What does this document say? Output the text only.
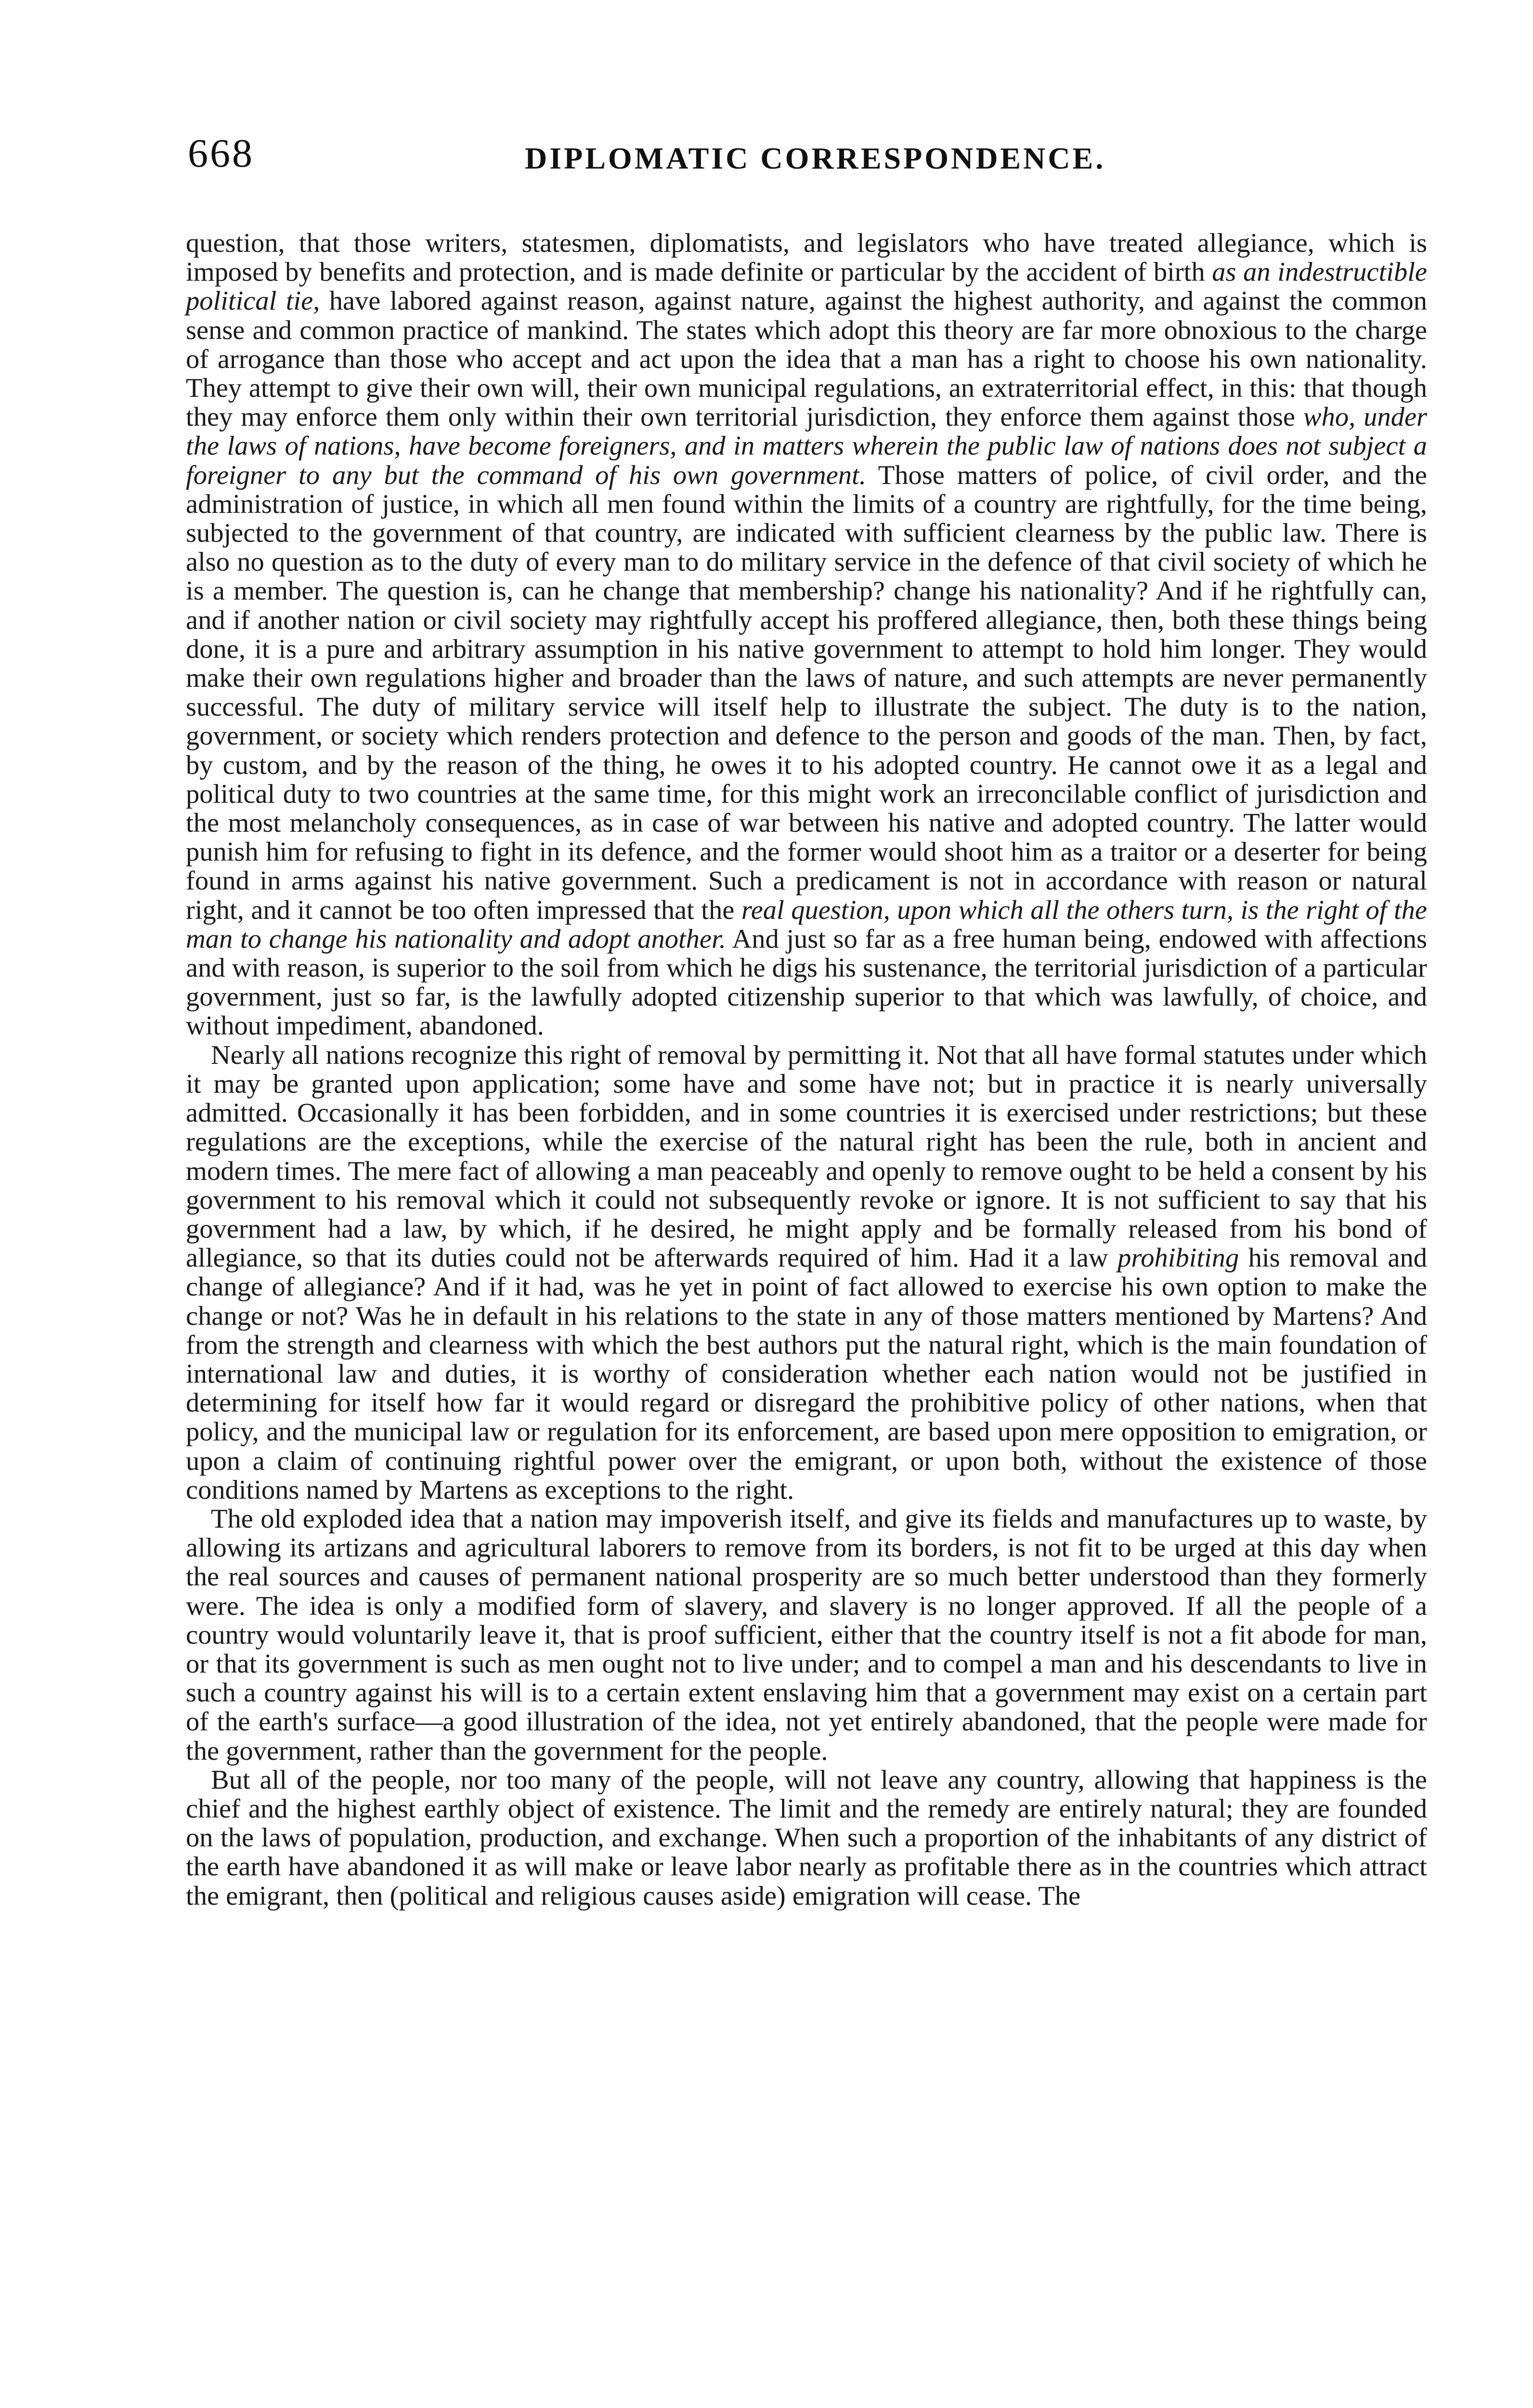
668	DIPLOMATIC CORRESPONDENCE.

question, that those writers, statesmen, diplomatists, and legislators who have treated allegiance, which is imposed by benefits and protection, and is made definite or particular by the accident of birth as an indestructible political tie, have labored against reason, against nature, against the highest authority, and against the common sense and common practice of mankind. The states which adopt this theory are far more obnoxious to the charge of arrogance than those who accept and act upon the idea that a man has a right to choose his own nationality. They attempt to give their own will, their own municipal regulations, an extraterritorial effect, in this: that though they may enforce them only within their own territorial jurisdiction, they enforce them against those who, under the laws of nations, have become foreigners, and in matters wherein the public law of nations does not subject a foreigner to any but the command of his own government. Those matters of police, of civil order, and the administration of justice, in which all men found within the limits of a country are rightfully, for the time being, subjected to the government of that country, are indicated with sufficient clearness by the public law. There is also no question as to the duty of every man to do military service in the defence of that civil society of which he is a member. The question is, can he change that membership? change his nationality? And if he rightfully can, and if another nation or civil society may rightfully accept his proffered allegiance, then, both these things being done, it is a pure and arbitrary assumption in his native government to attempt to hold him longer. They would make their own regulations higher and broader than the laws of nature, and such attempts are never permanently successful. The duty of military service will itself help to illustrate the subject. The duty is to the nation, government, or society which renders protection and defence to the person and goods of the man. Then, by fact, by custom, and by the reason of the thing, he owes it to his adopted country. He cannot owe it as a legal and political duty to two countries at the same time, for this might work an irreconcilable conflict of jurisdiction and the most melancholy consequences, as in case of war between his native and adopted country. The latter would punish him for refusing to fight in its defence, and the former would shoot him as a traitor or a deserter for being found in arms against his native government. Such a predicament is not in accordance with reason or natural right, and it cannot be too often impressed that the real question, upon which all the others turn, is the right of the man to change his nationality and adopt another. And just so far as a free human being, endowed with affections and with reason, is superior to the soil from which he digs his sustenance, the territorial jurisdiction of a particular government, just so far, is the lawfully adopted citizenship superior to that which was lawfully, of choice, and without impediment, abandoned.

Nearly all nations recognize this right of removal by permitting it. Not that all have formal statutes under which it may be granted upon application; some have and some have not; but in practice it is nearly universally admitted. Occasionally it has been forbidden, and in some countries it is exercised under restrictions; but these regulations are the exceptions, while the exercise of the natural right has been the rule, both in ancient and modern times. The mere fact of allowing a man peaceably and openly to remove ought to be held a consent by his government to his removal which it could not subsequently revoke or ignore. It is not sufficient to say that his government had a law, by which, if he desired, he might apply and be formally released from his bond of allegiance, so that its duties could not be afterwards required of him. Had it a law prohibiting his removal and change of allegiance? And if it had, was he yet in point of fact allowed to exercise his own option to make the change or not? Was he in default in his relations to the state in any of those matters mentioned by Martens? And from the strength and clearness with which the best authors put the natural right, which is the main foundation of international law and duties, it is worthy of consideration whether each nation would not be justified in determining for itself how far it would regard or disregard the prohibitive policy of other nations, when that policy, and the municipal law or regulation for its enforcement, are based upon mere opposition to emigration, or upon a claim of continuing rightful power over the emigrant, or upon both, without the existence of those conditions named by Martens as exceptions to the right.

The old exploded idea that a nation may impoverish itself, and give its fields and manufactures up to waste, by allowing its artizans and agricultural laborers to remove from its borders, is not fit to be urged at this day when the real sources and causes of permanent national prosperity are so much better understood than they formerly were. The idea is only a modified form of slavery, and slavery is no longer approved. If all the people of a country would voluntarily leave it, that is proof sufficient, either that the country itself is not a fit abode for man, or that its government is such as men ought not to live under; and to compel a man and his descendants to live in such a country against his will is to a certain extent enslaving him that a government may exist on a certain part of the earth's surface—a good illustration of the idea, not yet entirely abandoned, that the people were made for the government, rather than the government for the people.

But all of the people, nor too many of the people, will not leave any country, allowing that happiness is the chief and the highest earthly object of existence. The limit and the remedy are entirely natural; they are founded on the laws of population, production, and exchange. When such a proportion of the inhabitants of any district of the earth have abandoned it as will make or leave labor nearly as profitable there as in the countries which attract the emigrant, then (political and religious causes aside) emigration will cease. The
